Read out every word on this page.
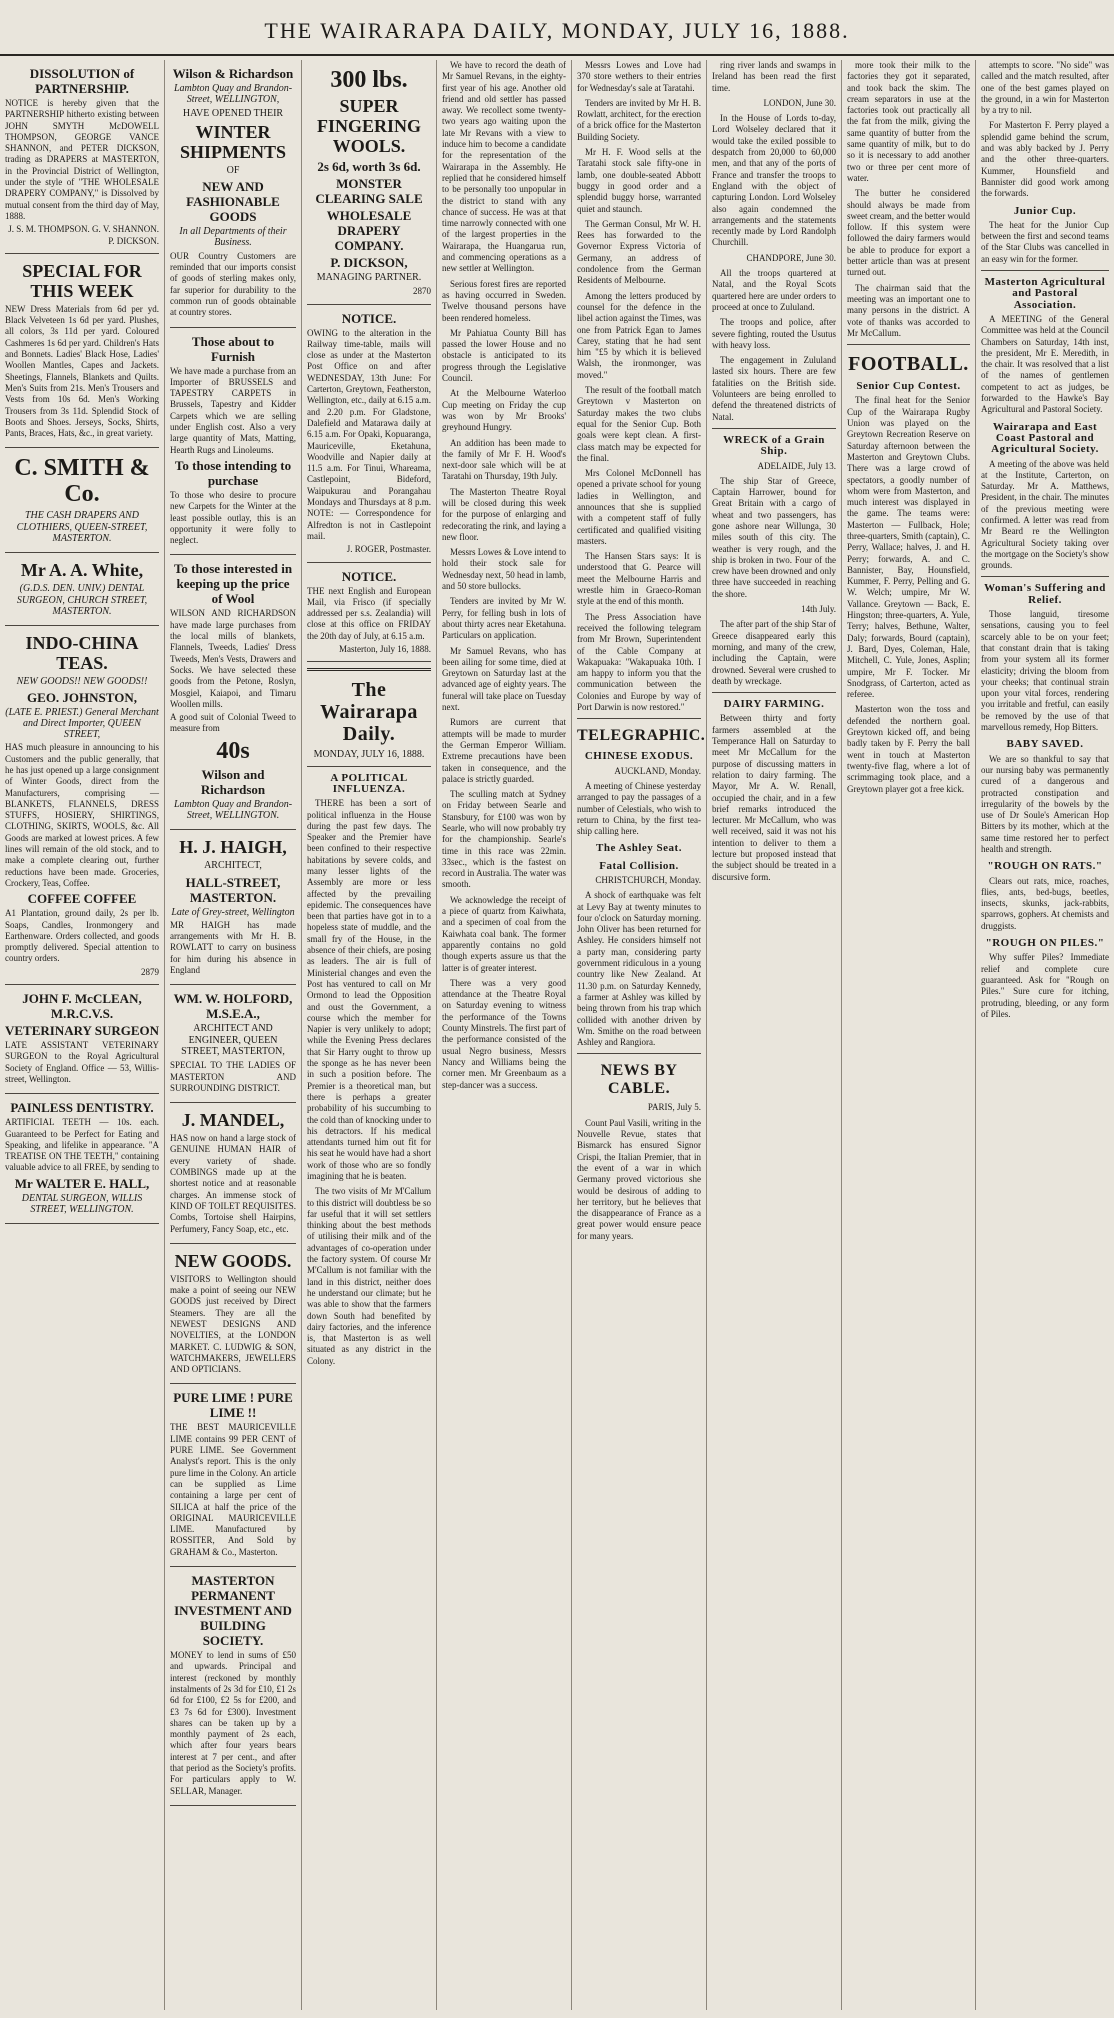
THE WAIRARAPA DAILY, MONDAY, JULY 16, 1888.
DISSOLUTION of PARTNERSHIP.

NOTICE is hereby given that the PARTNERSHIP hitherto existing between JOHN SMYTH McDOWELL THOMPSON, GEORGE VANCE SHANNON, and PETER DICKSON, trading as DRAPERS at MASTERTON, in the Provincial District of Wellington, under the style of "THE WHOLESALE DRAPERY COMPANY," is Dissolved by mutual consent from the third day of May, 1888.

J. S. M. THOMPSON. G. V. SHANNON. P. DICKSON.
SPECIAL FOR THIS WEEK

NEW Dress Materials from 6d per yd. Black Velveteen 1s 6d per yard. Plushes, all colors, 3s 11d per yard. Coloured Cashmeres 1s 6d per yard. Children's Hats and Bonnets. Ladies' Black Hose, Ladies' Woollen Mantles, Capes and Jackets. Sheetings, Flannels, Blankets and Quilts. Men's Suits from 21s. Men's Trousers and Vests from 10s 6d. Men's Working Trousers from 3s 11d. Splendid Stock of Boots and Shoes. Jerseys, Socks, Shirts, Pants, Braces, Hats, &c., in great variety.

C. SMITH & Co.
THE CASH DRAPERS AND CLOTHIERS, QUEEN-STREET, MASTERTON.
Mr A. A. White,
(G.D.S. DEN. UNIV.) DENTAL SURGEON, CHURCH STREET, MASTERTON.
INDO-CHINA TEAS.
NEW GOODS!! NEW GOODS!!
GEO. JOHNSTON,
(LATE E. PRIEST.) General Merchant and Direct Importer, QUEEN STREET,

HAS much pleasure in announcing to his Customers and the public generally, that he has just opened up a large consignment of Winter Goods, direct from the Manufacturers, comprising — BLANKETS, FLANNELS, DRESS STUFFS, HOSIERY, SHIRTINGS, CLOTHING, SKIRTS, WOOLS, &c. All Goods are marked at lowest prices. A few lines will remain of the old stock, and to make a complete clearing out, further reductions have been made. Groceries, Crockery, Teas, Coffee.

COFFEE COFFEE

A1 Plantation, ground daily, 2s per lb. Soaps, Candles, Ironmongery and Earthenware. Orders collected, and goods promptly delivered. Special attention to country orders.

2879
JOHN F. McCLEAN, M.R.C.V.S.
VETERINARY SURGEON

LATE ASSISTANT VETERINARY SURGEON to the Royal Agricultural Society of England. Office — 53, Willis-street, Wellington.

PAINLESS DENTISTRY.

ARTIFICIAL TEETH — 10s. each. Guaranteed to be Perfect for Eating and Speaking, and lifelike in appearance. "A TREATISE ON THE TEETH," containing valuable advice to all FREE, by sending to

Mr WALTER E. HALL,
DENTAL SURGEON, WILLIS STREET, WELLINGTON.
Wilson & Richardson
Lambton Quay and Brandon-Street, WELLINGTON,
HAVE OPENED THEIR
WINTER SHIPMENTS
OF
NEW AND FASHIONABLE GOODS
In all Departments of their Business.

OUR Country Customers are reminded that our imports consist of goods of sterling makes only, far superior for durability to the common run of goods obtainable at country stores.

Those about to Furnish

We have made a purchase from an Importer of BRUSSELS and TAPESTRY CARPETS in Brussels, Tapestry and Kidder Carpets which we are selling under English cost. Also a very large quantity of Mats, Matting, Hearth Rugs and Linoleums.

To those intending to purchase

To those who desire to procure new Carpets for the Winter at the least possible outlay, this is an opportunity it were folly to neglect.

To those interested in keeping up the price of Wool

WILSON AND RICHARDSON have made large purchases from the local mills of blankets, Flannels, Tweeds, Ladies' Dress Tweeds, Men's Vests, Drawers and Socks. We have selected these goods from the Petone, Roslyn, Mosgiel, Kaiapoi, and Timaru Woollen mills.

A good suit of Colonial Tweed to measure from

40s
Wilson and Richardson
Lambton Quay and Brandon-Street, WELLINGTON.
H. J. HAIGH,
ARCHITECT,
HALL-STREET, MASTERTON.
Late of Grey-street, Wellington

MR HAIGH has made arrangements with Mr H. B. ROWLATT to carry on business for him during his absence in England

WM. W. HOLFORD, M.S.E.A.,
ARCHITECT AND ENGINEER, QUEEN STREET, MASTERTON,

SPECIAL TO THE LADIES OF MASTERTON AND SURROUNDING DISTRICT.

J. MANDEL,

HAS now on hand a large stock of GENUINE HUMAN HAIR of every variety of shade. COMBINGS made up at the shortest notice and at reasonable charges. An immense stock of KIND OF TOILET REQUISITES. Combs, Tortoise shell Hairpins, Perfumery, Fancy Soap, etc., etc.

NEW GOODS.

VISITORS to Wellington should make a point of seeing our NEW GOODS just received by Direct Steamers. They are all the NEWEST DESIGNS AND NOVELTIES, at the LONDON MARKET. C. LUDWIG & SON, WATCHMAKERS, JEWELLERS AND OPTICIANS.

PURE LIME ! PURE LIME !!

THE BEST MAURICEVILLE LIME contains 99 PER CENT of PURE LIME. See Government Analyst's report. This is the only pure lime in the Colony. An article can be supplied as Lime containing a large per cent of SILICA at half the price of the ORIGINAL MAURICEVILLE LIME. Manufactured by ROSSITER, And Sold by GRAHAM & Co., Masterton.

MASTERTON PERMANENT INVESTMENT AND BUILDING SOCIETY.

MONEY to lend in sums of £50 and upwards. Principal and interest (reckoned by monthly instalments of 2s 3d for £10, £1 2s 6d for £100, £2 5s for £200, and £3 7s 6d for £300). Investment shares can be taken up by a monthly payment of 2s each, which after four years bears interest at 7 per cent., and after that period as the Society's profits. For particulars apply to W. SELLAR, Manager.

300 lbs.
SUPER FINGERING WOOLS.
2s 6d, worth 3s 6d.
MONSTER CLEARING SALE
WHOLESALE DRAPERY COMPANY.
P. DICKSON,
MANAGING PARTNER.
2870
NOTICE.

OWING to the alteration in the Railway time-table, mails will close as under at the Masterton Post Office on and after WEDNESDAY, 13th June: For Carterton, Greytown, Featherston, Wellington, etc., daily at 6.15 a.m. and 2.20 p.m. For Gladstone, Dalefield and Matarawa daily at 6.15 a.m. For Opaki, Kopuaranga, Mauriceville, Eketahuna, Woodville and Napier daily at 11.5 a.m. For Tinui, Whareama, Castlepoint, Bideford, Waipukurau and Porangahau Mondays and Thursdays at 8 p.m. NOTE: — Correspondence for Alfredton is not in Castlepoint mail.

J. ROGER, Postmaster.
NOTICE.

THE next English and European Mail, via Frisco (if specially addressed per s.s. Zealandia) will close at this office on FRIDAY the 20th day of July, at 6.15 a.m.

Masterton, July 16, 1888.
The Wairarapa Daily.
MONDAY, JULY 16, 1888.
A POLITICAL INFLUENZA.

THERE has been a sort of political influenza in the House during the past few days. The Speaker and the Premier have been confined to their respective habitations by severe colds, and many lesser lights of the Assembly are more or less affected by the prevailing epidemic. The consequences have been that parties have got in to a hopeless state of muddle, and the small fry of the House, in the absence of their chiefs, are posing as leaders. The air is full of Ministerial changes and even the Post has ventured to call on Mr Ormond to lead the Opposition and oust the Government, a course which the member for Napier is very unlikely to adopt; while the Evening Press declares that Sir Harry ought to throw up the sponge as he has never been in such a position before. The Premier is a theoretical man, but there is perhaps a greater probability of his succumbing to the cold than of knocking under to his detractors. If his medical attendants turned him out fit for his seat he would have had a short work of those who are so fondly imagining that he is beaten.

The two visits of Mr M'Callum to this district will doubtless be so far useful that it will set settlers thinking about the best methods of utilising their milk and of the advantages of co-operation under the factory system. Of course Mr M'Callum is not familiar with the land in this district, neither does he understand our climate; but he was able to show that the farmers down South had benefited by dairy factories, and the inference is, that Masterton is as well situated as any district in the Colony.

We have to record the death of Mr Samuel Revans, in the eighty-first year of his age. Another old friend and old settler has passed away. We recollect some twenty-two years ago waiting upon the late Mr Revans with a view to induce him to become a candidate for the representation of the Wairarapa in the Assembly. He replied that he considered himself to be personally too unpopular in the district to stand with any chance of success. He was at that time narrowly connected with one of the largest properties in the Wairarapa, the Huangarua run, and commencing operations as a new settler at Wellington.

Serious forest fires are reported as having occurred in Sweden. Twelve thousand persons have been rendered homeless.

Mr Pahiatua County Bill has passed the lower House and no obstacle is anticipated to its progress through the Legislative Council.

At the Melbourne Waterloo Cup meeting on Friday the cup was won by Mr Brooks' greyhound Hungry.

An addition has been made to the family of Mr F. H. Wood's next-door sale which will be at Taratahi on Thursday, 19th July.

The Masterton Theatre Royal will be closed during this week for the purpose of enlarging and redecorating the rink, and laying a new floor.

Messrs Lowes & Love intend to hold their stock sale for Wednesday next, 50 head in lamb, and 50 store bullocks.

Tenders are invited by Mr W. Perry, for felling bush in lots of about thirty acres near Eketahuna. Particulars on application.

Mr Samuel Revans, who has been ailing for some time, died at Greytown on Saturday last at the advanced age of eighty years. The funeral will take place on Tuesday next.

Rumors are current that attempts will be made to murder the German Emperor William. Extreme precautions have been taken in consequence, and the palace is strictly guarded.

The sculling match at Sydney on Friday between Searle and Stansbury, for £100 was won by Searle, who will now probably try for the championship. Searle's time in this race was 22min. 33sec., which is the fastest on record in Australia. The water was smooth.

We acknowledge the receipt of a piece of quartz from Kaiwhata, and a specimen of coal from the Kaiwhata coal bank. The former apparently contains no gold though experts assure us that the latter is of greater interest.

There was a very good attendance at the Theatre Royal on Saturday evening to witness the performance of the Towns County Minstrels. The first part of the performance consisted of the usual Negro business, Messrs Nancy and Williams being the corner men. Mr Greenbaum as a step-dancer was a success.

Messrs Lowes and Love had 370 store wethers to their entries for Wednesday's sale at Taratahi.

Tenders are invited by Mr H. B. Rowlatt, architect, for the erection of a brick office for the Masterton Building Society.

Mr H. F. Wood sells at the Taratahi stock sale fifty-one in lamb, one double-seated Abbott buggy in good order and a splendid buggy horse, warranted quiet and staunch.

The German Consul, Mr W. H. Rees has forwarded to the Governor Express Victoria of Germany, an address of condolence from the German Residents of Melbourne.

Among the letters produced by counsel for the defence in the libel action against the Times, was one from Patrick Egan to James Carey, stating that he had sent him "£5 by which it is believed Walsh, the ironmonger, was moved."

The result of the football match Greytown v Masterton on Saturday makes the two clubs equal for the Senior Cup. Both goals were kept clean. A first-class match may be expected for the final.

Mrs Colonel McDonnell has opened a private school for young ladies in Wellington, and announces that she is supplied with a competent staff of fully certificated and qualified visiting masters.

The Hansen Stars says: It is understood that G. Pearce will meet the Melbourne Harris and wrestle him in Graeco-Roman style at the end of this month.

The Press Association have received the following telegram from Mr Brown, Superintendent of the Cable Company at Wakapuaka: "Wakapuaka 10th. I am happy to inform you that the communication between the Colonies and Europe by way of Port Darwin is now restored."

TELEGRAPHIC.
CHINESE EXODUS.
AUCKLAND, Monday.

A meeting of Chinese yesterday arranged to pay the passages of a number of Celestials, who wish to return to China, by the first tea-ship calling here.

The Ashley Seat.
Fatal Collision.
CHRISTCHURCH, Monday.

A shock of earthquake was felt at Levy Bay at twenty minutes to four o'clock on Saturday morning. John Oliver has been returned for Ashley. He considers himself not a party man, considering party government ridiculous in a young country like New Zealand. At 11.30 p.m. on Saturday Kennedy, a farmer at Ashley was killed by being thrown from his trap which collided with another driven by Wm. Smithe on the road between Ashley and Rangiora.

NEWS BY CABLE.
PARIS, July 5.

Count Paul Vasili, writing in the Nouvelle Revue, states that Bismarck has ensured Signor Crispi, the Italian Premier, that in the event of a war in which Germany proved victorious she would be desirous of adding to her territory, but he believes that the disappearance of France as a great power would ensure peace for many years.

ring river lands and swamps in Ireland has been read the first time.

LONDON, June 30.

In the House of Lords to-day, Lord Wolseley declared that it would take the exiled possible to despatch from 20,000 to 60,000 men, and that any of the ports of France and transfer the troops to England with the object of capturing London. Lord Wolseley also again condemned the arrangements and the statements recently made by Lord Randolph Churchill.

CHANDPORE, June 30.

All the troops quartered at Natal, and the Royal Scots quartered here are under orders to proceed at once to Zululand.

The troops and police, after severe fighting, routed the Usutus with heavy loss.

The engagement in Zululand lasted six hours. There are few fatalities on the British side. Volunteers are being enrolled to defend the threatened districts of Natal.

WRECK of a Grain Ship.
ADELAIDE, July 13.

The ship Star of Greece, Captain Harrower, bound for Great Britain with a cargo of wheat and two passengers, has gone ashore near Willunga, 30 miles south of this city. The weather is very rough, and the ship is broken in two. Four of the crew have been drowned and only three have succeeded in reaching the shore.

14th July.

The after part of the ship Star of Greece disappeared early this morning, and many of the crew, including the Captain, were drowned. Several were crushed to death by wreckage.

DAIRY FARMING.

Between thirty and forty farmers assembled at the Temperance Hall on Saturday to meet Mr McCallum for the purpose of discussing matters in relation to dairy farming. The Mayor, Mr A. W. Renall, occupied the chair, and in a few brief remarks introduced the lecturer. Mr McCallum, who was well received, said it was not his intention to deliver to them a lecture but proposed instead that the subject should be treated in a discursive form.

more took their milk to the factories they got it separated, and took back the skim. The cream separators in use at the factories took out practically all the fat from the milk, giving the same quantity of butter from the same quantity of milk, but to do so it is necessary to add another two or three per cent more of water.

The butter he considered should always be made from sweet cream, and the better would follow. If this system were followed the dairy farmers would be able to produce for export a better article than was at present turned out.

The chairman said that the meeting was an important one to many persons in the district. A vote of thanks was accorded to Mr McCallum.

FOOTBALL.
Senior Cup Contest.

The final heat for the Senior Cup of the Wairarapa Rugby Union was played on the Greytown Recreation Reserve on Saturday afternoon between the Masterton and Greytown Clubs. There was a large crowd of spectators, a goodly number of whom were from Masterton, and much interest was displayed in the game. The teams were: Masterton — Fullback, Hole; three-quarters, Smith (captain), C. Perry, Wallace; halves, J. and H. Perry; forwards, A. and C. Bannister, Bay, Hounsfield, Kummer, F. Perry, Pelling and G. W. Welch; umpire, Mr W. Vallance. Greytown — Back, E. Hingston; three-quarters, A. Yule, Terry; halves, Bethune, Walter, Daly; forwards, Bourd (captain), J. Bard, Dyes, Coleman, Hale, Mitchell, C. Yule, Jones, Asplin; umpire, Mr F. Tocker. Mr Snodgrass, of Carterton, acted as referee.

Masterton won the toss and defended the northern goal. Greytown kicked off, and being badly taken by F. Perry the ball went in touch at Masterton twenty-five flag, where a lot of scrimmaging took place, and a Greytown player got a free kick.

attempts to score. "No side" was called and the match resulted, after one of the best games played on the ground, in a win for Masterton by a try to nil.

For Masterton F. Perry played a splendid game behind the scrum, and was ably backed by J. Perry and the other three-quarters. Kummer, Hounsfield and Bannister did good work among the forwards.

Junior Cup.

The heat for the Junior Cup between the first and second teams of the Star Clubs was cancelled in an easy win for the former.

Masterton Agricultural and Pastoral Association.

A MEETING of the General Committee was held at the Council Chambers on Saturday, 14th inst, the president, Mr E. Meredith, in the chair. It was resolved that a list of the names of gentlemen competent to act as judges, be forwarded to the Hawke's Bay Agricultural and Pastoral Society.

Wairarapa and East Coast Pastoral and Agricultural Society.

A meeting of the above was held at the Institute, Carterton, on Saturday. Mr A. Matthews, President, in the chair. The minutes of the previous meeting were confirmed. A letter was read from Mr Beard re the Wellington Agricultural Society taking over the mortgage on the Society's show grounds.

Woman's Suffering and Relief.

Those languid, tiresome sensations, causing you to feel scarcely able to be on your feet; that constant drain that is taking from your system all its former elasticity; driving the bloom from your cheeks; that continual strain upon your vital forces, rendering you irritable and fretful, can easily be removed by the use of that marvellous remedy, Hop Bitters.

BABY SAVED.

We are so thankful to say that our nursing baby was permanently cured of a dangerous and protracted constipation and irregularity of the bowels by the use of Dr Soule's American Hop Bitters by its mother, which at the same time restored her to perfect health and strength.

"ROUGH ON RATS."

Clears out rats, mice, roaches, flies, ants, bed-bugs, beetles, insects, skunks, jack-rabbits, sparrows, gophers. At chemists and druggists.

"ROUGH ON PILES."

Why suffer Piles? Immediate relief and complete cure guaranteed. Ask for "Rough on Piles." Sure cure for itching, protruding, bleeding, or any form of Piles.
